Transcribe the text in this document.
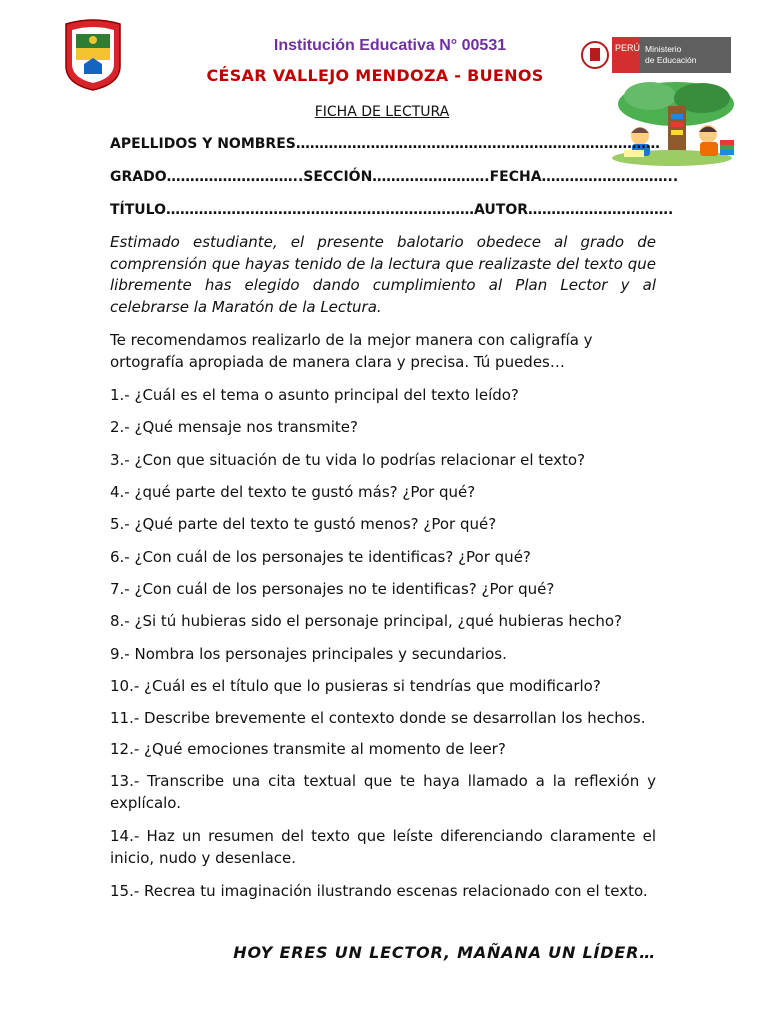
Institución Educativa N° 00531
CÉSAR VALLEJO MENDOZA - BUENOS
PERÚ Ministerio
de Educación
FICHA DE LECTURA
APELLIDOS Y NOMBRES……………………………………………………………………
GRADO………………………..SECCIÓN…………………….FECHA………………………..
TÍTULO…………………………………………………………AUTOR………………………….
Estimado estudiante, el presente balotario obedece al grado de comprensión que hayas tenido de la lectura que realizaste del texto que libremente has elegido dando cumplimiento al Plan Lector y al celebrarse la Maratón de la Lectura.
Te recomendamos realizarlo de la mejor manera con caligrafía y ortografía apropiada de manera clara y precisa. Tú puedes…
1.- ¿Cuál es el tema o asunto principal del texto leído?
2.- ¿Qué mensaje nos transmite?
3.- ¿Con que situación de tu vida lo podrías relacionar el texto?
4.- ¿qué parte del texto te gustó más? ¿Por qué?
5.- ¿Qué parte del texto te gustó menos? ¿Por qué?
6.- ¿Con cuál de los personajes te identificas? ¿Por qué?
7.- ¿Con cuál de los personajes no te identificas? ¿Por qué?
8.- ¿Si tú hubieras sido el personaje principal, ¿qué hubieras hecho?
9.- Nombra los personajes principales y secundarios.
10.- ¿Cuál es el título que lo pusieras si tendrías que modificarlo?
11.- Describe brevemente el contexto donde se desarrollan los hechos.
12.- ¿Qué emociones transmite al momento de leer?
13.- Transcribe una cita textual que te haya llamado a la reflexión y explícalo.
14.- Haz un resumen del texto que leíste diferenciando claramente el inicio, nudo y desenlace.
15.- Recrea tu imaginación ilustrando escenas relacionado con el texto.
HOY ERES UN LECTOR, MAÑANA UN LÍDER…
